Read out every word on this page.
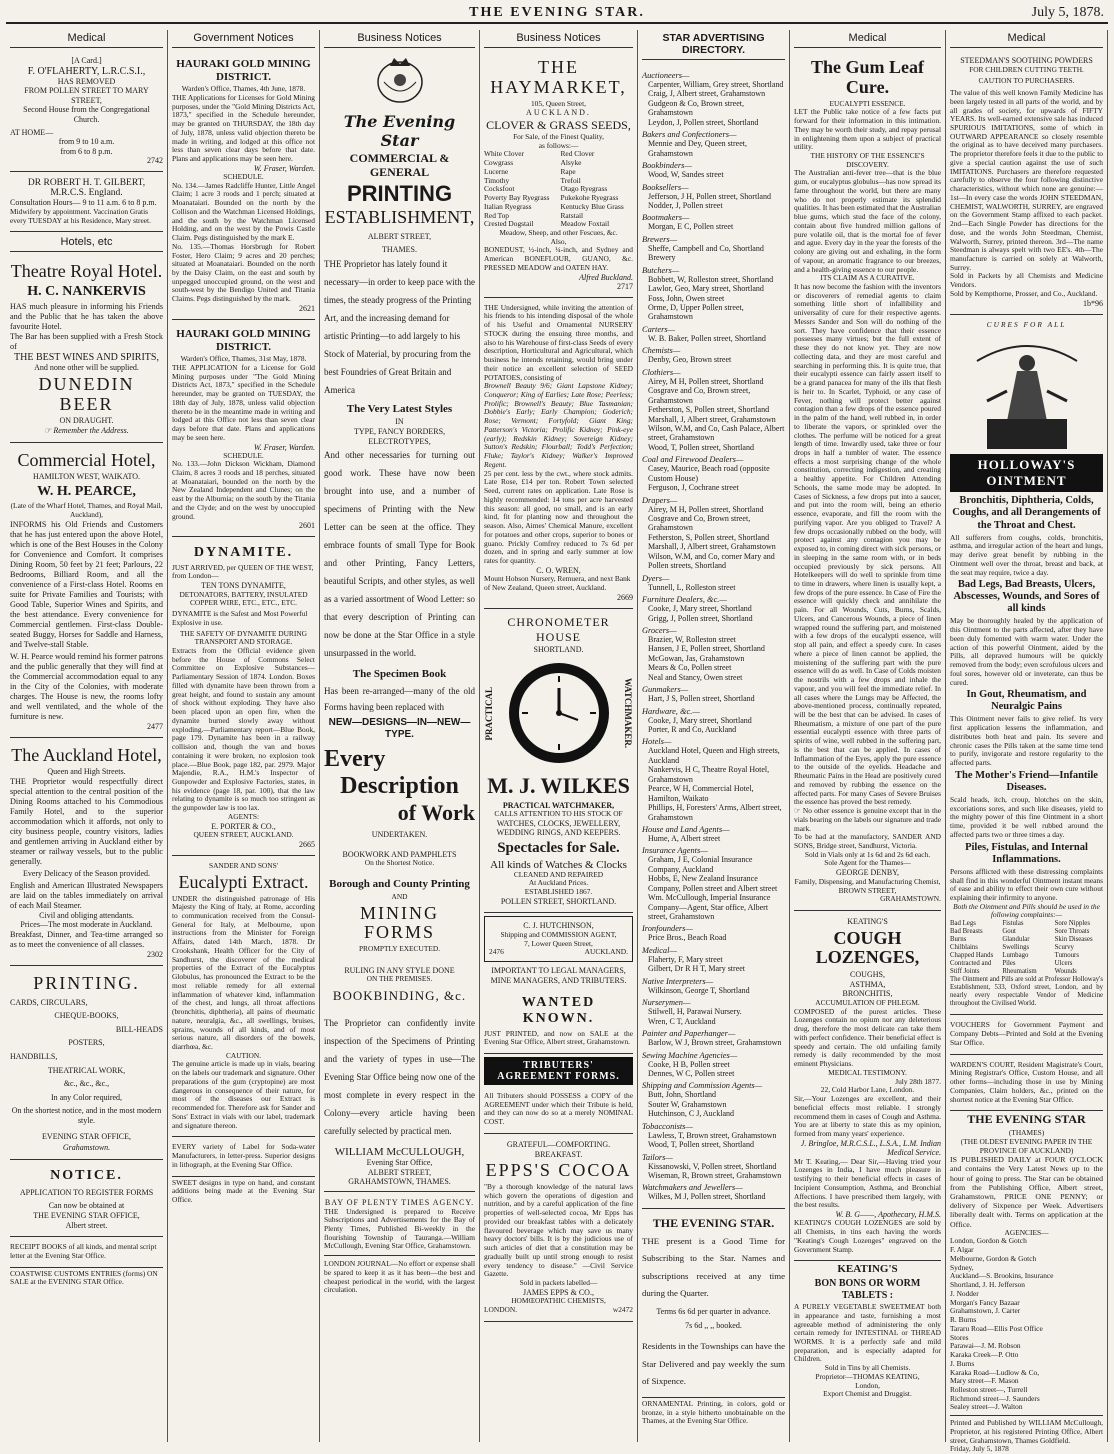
THE EVENING STAR.	July 5, 1878.
Medical
[A Card.]
F. O'FLAHERTY, L.R.C.S.I.,
HAS REMOVED
FROM POLLEN STREET TO MARY STREET,
Second House from the Congregational Church.
AT HOME—
from 9 to 10 a.m.
from 6 to 8 p.m.
2742
DR ROBERT H. T. GILBERT, M.R.C.S. England.
Consultation Hours— 9 to 11 a.m. 6 to 8 p.m.
Midwifery by appointment. Vaccination Gratis every TUESDAY at his Residence, Mary street.
Hotels, etc
Theatre Royal Hotel.
H. C. NANKERVIS
HAS much pleasure in informing his Friends and the Public that he has taken the above favourite Hotel.
The Bar has been supplied with a Fresh Stock of
THE BEST WINES AND SPIRITS,
And none other will be supplied.
DUNEDIN BEER
ON DRAUGHT.
☞ Remember the Address.
Commercial Hotel,
HAMILTON WEST, WAIKATO.
W. H. PEARCE,
(Late of the Wharf Hotel, Thames, and Royal Mail, Auckland),
INFORMS his Old Friends and Customers that he has just entered upon the above Hotel, which is one of the Best Houses in the Colony for Convenience and Comfort. It comprises Dining Room, 50 feet by 21 feet; Parlours, 22 Bedrooms, Billiard Room, and all the convenience of a First-class Hotel. Rooms en suite for Private Families and Tourists; with Good Table, Superior Wines and Spirits, and the best attendance. Every convenience for Commercial gentlemen. First-class Double-seated Buggy, Horses for Saddle and Harness, and Twelve-stall Stable.
W. H. Pearce would remind his former patrons and the public generally that they will find at the Commercial accommodation equal to any in the City of the Colonies, with moderate charges. The House is new, the rooms lofty and well ventilated, and the whole of the furniture is new.
2477
The Auckland Hotel,
Queen and High Streets.
THE Proprietor would respectfully direct special attention to the central position of the Dining Rooms attached to his Commodious Family Hotel, and to the superior accommodation which it affords, not only to city business people, country visitors, ladies and gentlemen arriving in Auckland either by steamer or railway vessels, but to the public generally.
Every Delicacy of the Season provided.
English and American Illustrated Newspapers are laid on the tables immediately on arrival of each Mail Steamer.
Civil and obliging attendants.
Prices—The most moderate in Auckland.
Breakfast, Dinner, and Tea-time arranged so as to meet the convenience of all classes.
2302
PRINTING.
CARDS, CIRCULARS,
CHEQUE-BOOKS,
BILL-HEADS
POSTERS,
HANDBILLS,
THEATRICAL WORK,
&c., &c., &c.,
In any Color required,
On the shortest notice, and in the most modern style.
EVENING STAR OFFICE,
Grahamstown.
NOTICE.
APPLICATION TO REGISTER FORMS
Can now be obtained at
THE EVENING STAR OFFICE,
Albert street.
RECEIPT BOOKS of all kinds, and mental script letter at the Evening Star Office.
COASTWISE CUSTOMS ENTRIES (forms) ON SALE at the EVENING STAR Office.
Government Notices
HAURAKI GOLD MINING DISTRICT.
Warden's Office, Thames, 4th June, 1878.
THE Applications for Licenses for Gold Mining purposes, under the "Gold Mining Districts Act, 1873," specified in the Schedule hereunder, may be granted on THURSDAY, the 18th day of July, 1878, unless valid objection thereto be made in writing, and lodged at this office not less than seven clear days before that date. Plans and applications may be seen here.
W. Fraser, Warden.
SCHEDULE.
No. 134.—James Radcliffe Hunter, Little Angel Claim; 1 acre 3 roods and 1 perch; situated at Moanataiari. Bounded on the north by the Collison and the Watchman Licensed Holdings, and the south by the Watchman Licensed Holding, and on the west by the Powis Castle Claim. Pegs distinguished by the mark E.
No. 135.—Thomas Horsbrugh for Robert Foster, Hero Claim; 9 acres and 20 perches; situated at Moanataiari. Bounded on the north by the Daisy Claim, on the east and south by unpegged unoccupied ground, on the west and south-west by the Bendigo United and Titania Claims. Pegs distinguished by the mark.
2621
HAURAKI GOLD MINING DISTRICT.
Warden's Office, Thames, 31st May, 1878.
THE APPLICATION for a License for Gold Mining purposes under "The Gold Mining Districts Act, 1873," specified in the Schedule hereunder, may be granted on TUESDAY, the 18th day of July, 1878, unless valid objection thereto be in the meantime made in writing and lodged at this Office not less than seven clear days before that date. Plans and applications may be seen here.
W. Fraser, Warden.
SCHEDULE.
No. 133.—John Dickson Wickham, Diamond Claim, 8 acres 3 roods and 18 perches, situated at Moanataiari, bounded on the north by the New Zealand Independent and Clunes; on the east by the Alburnia; on the south by the Titania and the Clyde; and on the west by unoccupied ground.
2601
DYNAMITE.
JUST ARRIVED, per QUEEN OF THE WEST, from London—
TEN TONS DYNAMITE,
DETONATORS, BATTERY, INSULATED COPPER WIRE, ETC., ETC., ETC.
DYNAMITE is the Safest and Most Powerful Explosive in use.
THE SAFETY OF DYNAMITE DURING TRANSPORT AND STORAGE.
Extracts from the Official evidence given before the House of Commons Select Committee on Explosive Substances—Parliamentary Session of 1874. London. Boxes filled with dynamite have been thrown from a great height, and found to sustain any amount of shock without exploding. They have also been placed upon an open fire, when the dynamite burned slowly away without exploding.—Parliamentary report—Blue Book, page 179. Dynamite has been in a railway collision and, though the van and boxes containing it were broken, no explosion took place.—Blue Book, page 182, par. 2979. Major Majendie, R.A., H.M.'s Inspector of Gunpowder and Explosive Factories, states, in his evidence (page 18, par. 100), that the law relating to dynamite is so much too stringent as the gunpowder law is too lax.
AGENTS:
E. PORTER & CO.,
QUEEN STREET, AUCKLAND.
2665
SANDER AND SONS'
Eucalypti Extract.
UNDER the distinguished patronage of His Majesty the King of Italy, at Rome, according to communication received from the Consul-General for Italy, at Melbourne, upon instructions from the Minister for Foreign Affairs, dated 14th March, 1878. Dr Crookshank, Health Officer for the City of Sandhurst, the discoverer of the medical properties of the Extract of the Eucalyptus Globulus, has pronounced the Extract to be the most reliable remedy for all external inflammation of whatever kind, inflammation of the chest, and lungs, all throat affections (bronchitis, diphtheria), all pains of rheumatic nature, neuralgia, &c., all swellings, bruises, sprains, wounds of all kinds, and of most serious nature, all disorders of the bowels, diarrhœa, &c.
CAUTION.
The genuine article is made up in vials, bearing on the labels our trademark and signature. Other preparations of the gum (cryptopine) are most dangerous in consequence of their nature, for most of the diseases our Extract is recommended for. Therefore ask for Sander and Sons' Extract in vials with our label, trademark and signature thereon.
EVERY variety of Label for Soda-water Manufacturers, in letter-press. Superior designs in lithograph, at the Evening Star Office.
SWEET designs in type on hand, and constant additions being made at the Evening Star Office.
Business Notices
The Evening Star
COMMERCIAL & GENERAL
PRINTING
ESTABLISHMENT,
ALBERT STREET,
THAMES.
THE Proprietor has lately found it necessary—in order to keep pace with the times, the steady progress of the Printing Art, and the increasing demand for artistic Printing—to add largely to his Stock of Material, by procuring from the best Foundries of Great Britain and America
The Very Latest Styles
IN
TYPE, FANCY BORDERS,
ELECTROTYPES,
And other necessaries for turning out good work. These have now been brought into use, and a number of specimens of Printing with the New Letter can be seen at the office. They embrace founts of small Type for Book and other Printing, Fancy Letters, beautiful Scripts, and other styles, as well as a varied assortment of Wood Letter: so that every description of Printing can now be done at the Star Office in a style unsurpassed in the world.
The Specimen Book
Has been re-arranged—many of the old Forms having been replaced with
NEW—DESIGNS—IN—NEW—TYPE.
Every
Description
of Work
UNDERTAKEN.
BOOKWORK AND PAMPHLETS
On the Shortest Notice.
Borough and County Printing
AND
MINING FORMS
PROMPTLY EXECUTED.
RULING IN ANY STYLE DONE
ON THE PREMISES.
BOOKBINDING, &c.
The Proprietor can confidently invite inspection of the Specimens of Printing and the variety of types in use—The Evening Star Office being now one of the most complete in every respect in the Colony—every article having been carefully selected by practical men.
WILLIAM McCULLOUGH,
Evening Star Office,
ALBERT STREET,
GRAHAMSTOWN, THAMES.
BAY OF PLENTY TIMES AGENCY.
THE Undersigned is prepared to Receive Subscriptions and Advertisements for the Bay of Plenty Times, Published Bi-weekly in the flourishing Township of Tauranga.—William McCullough, Evening Star Office, Grahamstown.
LONDON JOURNAL—No effort or expense shall be spared to keep it as it has been—the best and cheapest periodical in the world, with the largest circulation.
Business Notices
THE HAYMARKET,
105, Queen Street,
AUCKLAND.
CLOVER & GRASS SEEDS,
For Sale, of the Finest Quality,
as follows:—
White Clover
Cowgrass
Lucerne
Timothy
Cocksfoot
Poverty Bay Ryegrass
Italian Ryegrass
Red Top
Crested Dogstail
Red Clover
Alsyke
Rape
Trefoil
Otago Ryegrass
Pukekohe Ryegrass
Kentucky Blue Grass
Ratstail
Meadow Foxtail
Meadow, Sheep, and other Fescues, &c.
Also,
BONEDUST, ½-inch, ¼-inch, and Sydney and American BONEFLOUR, GUANO, &c. PRESSED MEADOW and OATEN HAY.
Alfred Buckland.
2717
THE Undersigned, while inviting the attention of his friends to his intending disposal of the whole of his Useful and Ornamental NURSERY STOCK during the ensuing three months, and also to his Warehouse of first-class Seeds of every description, Horticultural and Agricultural, which business he intends retaining, would bring under their notice an excellent selection of SEED POTATOES, consisting of
Brownell Beauty 9/6; Giant Lapstone Kidney; Conqueror; King of Earlies; Late Rose; Peerless; Prolific; Brownell's Beauty; Blue Tasmanian; Dobbie's Early; Early Champion; Goderich; Rose; Vermont; Fortyfold; Giant King; Patterson's Victoria; Prolific Kidney; Pink-eye (early); Redskin Kidney; Sovereign Kidney; Sutton's Redskin; Flourball; Todd's Perfection; Fluke; Taylor's Kidney; Walker's Improved Regent.
25 per cent. less by the cwt., where stock admits. Late Rose, £14 per ton. Robert Town selected Seed, current rates on application. Late Rose is highly recommended: 14 tons per acre harvested this season: all good, no small, and is an early kind, fit for planting now and throughout the season. Also, Aimes' Chemical Manure, excellent for potatoes and other crops, superior to bones or guano. Prickly Comfrey reduced to 7s 6d per dozen, and in spring and early summer at low rates for quantity.
C. O. WREN,
Mount Hobson Nursery, Remuera, and next Bank of New Zealand, Queen street, Auckland.
2669
CHRONOMETER HOUSE
SHORTLAND.
PRACTICAL	WATCHMAKER.
M. J. WILKES
PRACTICAL WATCHMAKER,
CALLS ATTENTION TO HIS STOCK OF
WATCHES, CLOCKS, JEWELLERY, WEDDING RINGS, AND KEEPERS.
Spectacles for Sale.
All kinds of Watches & Clocks
CLEANED AND REPAIRED
At Auckland Prices.
ESTABLISHED 1867.
POLLEN STREET, SHORTLAND.
C. J. HUTCHINSON,
Shipping and COMMISSION AGENT,
7, Lower Queen Street,
2476	AUCKLAND.
IMPORTANT TO LEGAL MANAGERS, MINE MANAGERS, AND TRIBUTERS.
WANTED KNOWN.
JUST PRINTED, and now on SALE at the Evening Star Office, Albert street, Grahamstown.
TRIBUTERS' AGREEMENT FORMS.
All Tributers should POSSESS a COPY of the AGREEMENT under which their Tribute is held, and they can now do so at a merely NOMINAL COST.
GRATEFUL—COMFORTING.
BREAKFAST.
EPPS'S COCOA
"By a thorough knowledge of the natural laws which govern the operations of digestion and nutrition, and by a careful application of the fine properties of well-selected cocoa, Mr Epps has provided our breakfast tables with a delicately flavoured beverage which may save us many heavy doctors' bills. It is by the judicious use of such articles of diet that a constitution may be gradually built up until strong enough to resist every tendency to disease." —Civil Service Gazette.
Sold in packets labelled—
JAMES EPPS & CO.,
HOMŒOPATHIC CHEMISTS,
LONDON.	w2472
STAR ADVERTISING DIRECTORY.
Auctioneers—
Carpenter, William, Grey street, Shortland
Craig, J, Albert street, Grahamstown
Gudgeon & Co, Brown street, Grahamstown
Leydon, J, Pollen street, Shortland
Bakers and Confectioners—
Mennie and Dey, Queen street, Grahamstown
Bookbinders—
Wood, W, Sandes street
Booksellers—
Jefferson, J H, Pollen street, Shortland
Nodder, J, Pollen street
Bootmakers—
Morgan, E C, Pollen street
Brewers—
Sheffe, Campbell and Co, Shortland Brewery
Butchers—
Bobbett, W, Rolleston street, Shortland
Lawlor, Geo, Mary street, Shortland
Foss, John, Owen street
Orme, D, Upper Pollen street, Grahamstown
Carters—
W. B. Baker, Pollen street, Shortland
Chemists—
Denby, Geo, Brown street
Clothiers—
Airey, M H, Pollen street, Shortland
Cosgrave and Co, Brown street, Grahamstown
Fetherston, S, Pollen street, Shortland
Marshall, J, Albert street, Grahamstown
Wilson, W.M, and Co, Cash Palace, Albert street, Grahamstown
Wood, T, Pollen street, Shortland
Coal and Firewood Dealers—
Casey, Maurice, Beach road (opposite Custom House)
Ferguson, J, Cochrane street
Drapers—
Airey, M H, Pollen street, Shortland
Cosgrave and Co, Brown street, Grahamstown
Fetherston, S, Pollen street, Shortland
Marshall, J, Albert street, Grahamstown
Wilson, W.M, and Co, corner Mary and Pollen streets, Shortland
Dyers—
Tunnell, L, Rolleston street
Furniture Dealers, &c.—
Cooke, J, Mary street, Shortland
Grigg, J, Pollen street, Shortland
Grocers—
Brazier, W, Rolleston street
Hansen, J E, Pollen street, Shortland
McGowan, Jas, Grahamstown
Mears & Co, Pollen street
Neal and Stancy, Owen street
Gunmakers—
Hart, J S, Pollen street, Shortland
Hardware, &c.—
Cooke, J, Mary street, Shortland
Porter, R and Co, Auckland
Hotels—
Auckland Hotel, Queen and High streets, Auckland
Nankervis, H C, Theatre Royal Hotel, Grahamstown
Pearce, W H, Commercial Hotel, Hamilton, Waikato
Phillips, H, Foresters' Arms, Albert street, Grahamstown
House and Land Agents—
Hume, A, Albert street
Insurance Agents—
Graham, J E, Colonial Insurance Company, Auckland
Hobbs, E, New Zealand Insurance Company, Pollen street and Albert street
Wm. McCullough, Imperial Insurance Company—Agent, Star office, Albert street, Grahamstown
Ironfounders—
Price Bros., Beach Road
Medical—
Flaherty, F, Mary street
Gilbert, Dr R H T, Mary street
Native Interpreters—
Wilkinson, George T, Shortland
Nurserymen—
Stilwell, H, Parawai Nursery.
Wren, C T, Auckland
Painter and Paperhanger—
Barlow, W J, Brown street, Grahamstown
Sewing Machine Agencies—
Cooke, H B, Pollen street
Dennes, W C, Pollen street
Shipping and Commission Agents—
Butt, John, Shortland
Souter W, Grahamstown
Hutchinson, C J, Auckland
Tobacconists—
Lawless, T, Brown street, Grahamstown
Wood, T, Pollen street, Shortland
Tailors—
Kissanowski, V, Pollen street, Shortland
Wiseman, R, Brown street, Grahamstown
Watchmakers and Jewellers—
Wilkes, M J, Pollen street, Shortland
THE EVENING STAR.
THE present is a Good Time for Subscribing to the Star. Names and subscriptions received at any time during the Quarter.
Terms 6s 6d per quarter in advance.
7s 6d ,, ,, booked.
Residents in the Townships can have the Star Delivered and pay weekly the sum of Sixpence.
ORNAMENTAL Printing, in colors, gold or bronze, in a style hitherto unobtainable on the Thames, at the Evening Star Office.
Medical
The Gum Leaf Cure.
EUCALYPTI ESSENCE.
LET the Public take notice of a few facts put forward for their information in this intimation. They may be worth their study, and repay perusal in enlightening them upon a subject of practical utility.
THE HISTORY OF THE ESSENCE'S DISCOVERY.
The Australian anti-fever tree—that is the blue gum, or eucalyptus globulus—has now spread its fame throughout the world, but there are many who do not properly estimate its splendid qualities. It has been estimated that the Australian blue gums, which stud the face of the colony, contain about five hundred million gallons of pure volatile oil, that is the mortal foe of fever and ague. Every day in the year the forests of the colony are giving out and exhaling, in the form of vapour, an aromatic fragrance to our breezes, and a health-giving essence to our people.
ITS CLAIM AS A CURATIVE.
It has now become the fashion with the inventors or discoverers of remedial agents to claim something little short of infallibility and universality of cure for their respective agents. Messrs Sander and Son will do nothing of the sort. They have confidence that their essence possesses many virtues; but the full extent of these they do not know yet. They are now collecting data, and they are most careful and searching in performing this. It is quite true, that their eucalypti essence can fairly assert itself to be a grand panacea for many of the ills that flesh is heir to. In Scarlet, Typhoid, or any case of Fever, nothing will protect better against contagion than a few drops of the essence poured in the palm of the hand, well rubbed in, in order to liberate the vapors, or sprinkled over the clothes. The perfume will be noticed for a great length of time. Inwardly used, take three or four drops in half a tumbler of water. The essence effects a most surprising change of the whole constitution, correcting indigestion, and creating a healthy appetite. For Children Attending Schools, the same mode may be adopted. In Cases of Sickness, a few drops put into a saucer, and put into the room will, being an etherio essence, evaporate, and fill the room with the purifying vapor. Are you obliged to Travel? A few drops occasionally rubbed on the body, will protect against any contagion you may be exposed to, in coming direct with sick persons, or in sleeping in the same room with, or in beds occupied previously by sick persons. All Hotelkeepers will do well to sprinkle from time to time in drawers, where linen is usually kept, a few drops of the pure essence. In Case of Fire the essence will quickly check and annihilate the pain. For all Wounds, Cuts, Burns, Scalds, Ulcers, and Cancerous Wounds, a piece of linen wrapped round the suffering part, and moistened with a few drops of the eucalypti essence, will stop all pain, and effect a speedy cure. In cases where a piece of linen cannot be applied, the moistening of the suffering part with the pure essence will do as well. In Case of Colds moisten the nostrils with a few drops and inhale the vapour, and you will feel the immediate relief. In all cases where the Lungs may be Affected, the above-mentioned process, continually repeated, will be the best that can be advised. In cases of Rheumatism, a mixture of one part of the pure essential eucalypti essence with three parts of spirits of wine, well rubbed in the suffering part, is the best that can be applied. In cases of Inflammation of the Eyes, apply the pure essence to the outside of the eyelids. Headache and Rheumatic Pains in the Head are positively cured and removed by rubbing the essence on the affected parts. For many Cases of Severe Bruises the essence has proved the best remedy.
☞ No other essence is genuine except that in the vials bearing on the labels our signature and trade mark.
To be had at the manufactory, SANDER AND SONS, Bridge street, Sandhurst, Victoria.
Sold in Vials only at 1s 6d and 2s 6d each.
Sole Agent for the Thames—
GEORGE DENBY,
Family, Dispensing, and Manufacturing Chemist,
BROWN STREET,
GRAHAMSTOWN.
KEATING'S
COUGH LOZENGES,
COUGHS,
ASTHMA,
BRONCHITIS,
ACCUMULATION OF PHLEGM.
COMPOSED of the purest articles. These Lozenges contain no opium nor any deleterious drug, therefore the most delicate can take them with perfect confidence. Their beneficial effect is speedy and certain. The old unfailing family remedy is daily recommended by the most eminent Physicians.
MEDICAL TESTIMONY.
July 28th 1877.
22, Cold Harbor Lane, London.
Sir,—Your Lozenges are excellent, and their beneficial effects most reliable. I strongly recommend them in cases of Cough and Asthma. You are at liberty to state this as my opinion, formed from many years' experience.
J. Bringloe, M.R.C.S.L., L.S.A., L.M. Indian Medical Service.
Mr T. Keating,— Dear Sir,—Having tried your Lozenges in India, I have much pleasure in testifying to their beneficial effects in cases of Incipient Consumption, Asthma, and Bronchial Affections. I have prescribed them largely, with the best results.
W. B. G——, Apothecary, H.M.S.
KEATING'S COUGH LOZENGES are sold by all Chemists, in tins each having the words "Keating's Cough Lozenges" engraved on the Government Stamp.
KEATING'S
BON BONS OR WORM TABLETS :
A PURELY VEGETABLE SWEETMEAT both in appearance and taste, furnishing a most agreeable method of administering the only certain remedy for INTESTINAL or THREAD WORMS. It is a perfectly safe and mild preparation, and is especially adapted for Children.
Sold in Tins by all Chemists.
Proprietor—THOMAS KEATING,
London,
Export Chemist and Druggist.
Medical
STEEDMAN'S SOOTHING POWDERS
FOR CHILDREN CUTTING TEETH.
CAUTION TO PURCHASERS.
The value of this well known Family Medicine has been largely tested in all parts of the world, and by all grades of society, for upwards of FIFTY YEARS. Its well-earned extensive sale has induced SPURIOUS IMITATIONS, some of which in OUTWARD APPEARANCE so closely resemble the original as to have deceived many purchasers. The proprietor therefore feels it due to the public to give a special caution against the use of such IMITATIONS. Purchasers are therefore requested carefully to observe the four following distinctive characteristics, without which none are genuine:— 1st—In every case the words JOHN STEEDMAN, CHEMIST, WALWORTH, SURREY, are engraved on the Government Stamp affixed to each packet. 2nd—Each Single Powder has directions for the dose, and the words John Steedman, Chemist, Walworth, Surrey, printed thereon. 3rd—The name Steedman is always spelt with two EE's. 4th—The manufacture is carried on solely at Walworth, Surrey.
Sold in Packets by all Chemists and Medicine Vendors.
Sold by Kempthorne, Prosser, and Co., Auckland.
1b*96
CURES FOR ALL
HOLLOWAY'S OINTMENT
Bronchitis, Diphtheria, Colds, Coughs, and all Derangements of the Throat and Chest.
All sufferers from coughs, colds, bronchitis, asthma, and irregular action of the heart and lungs, may derive great benefit by rubbing in the Ointment well over the throat, breast and back, at the seat may require, twice a day.
Bad Legs, Bad Breasts, Ulcers, Abscesses, Wounds, and Sores of all kinds
May be thoroughly healed by the application of this Ointment to the parts affected, after they have been duly fomented with warm water. Under the action of this powerful Ointment, aided by the Pills, all depraved humours will be quickly removed from the body; even scrofulous ulcers and foul sores, however old or inveterate, can thus be cured.
In Gout, Rheumatism, and Neuralgic Pains
This Ointment never fails to give relief. Its very first application lessens the inflammation, and distributes both heat and pain. Its severe and chronic cases the Pills taken at the same time tend to purify, invigorate and restore regularity to the affected parts.
The Mother's Friend—Infantile Diseases.
Scald heads, itch, croup, blotches on the skin, excoriations sores, and such like diseases, yield to the mighty power of this fine Ointment in a short time, provided it be well rubbed around the affected parts two or three times a day.
Piles, Fistulas, and Internal Inflammations.
Persons afflicted with these distressing complaints shall find in this wonderful Ointment instant means of ease and ability to effect their own cure without explaining their infirmity to anyone.
Both the Ointment and Pills should be used in the following complaints:—
Bad Legs
Bad Breasts
Burns
Chilblains
Chapped Hands
Contracted and Stiff Joints
Fistulas
Gout
Glandular Swellings
Lumbago
Piles
Rheumatism
Sore Nipples
Sore Throats
Skin Diseases
Scurvy
Tumours
Ulcers
Wounds
The Ointment and Pills are sold at Professor Holloway's Establishment, 533, Oxford street, London, and by nearly every respectable Vendor of Medicine throughout the Civilised World.
VOUCHERS for Government Payment and Company Debts—Printed and Sold at the Evening Star Office.
WARDEN'S COURT, Resident Magistrate's Court, Mining Registrar's Office, Custom House, and all other forms—including those in use by Mining Companies, Claim holders, &c., printed on the shortest notice at the Evening Star Office.
THE EVENING STAR
(THAMES)
(THE OLDEST EVENING PAPER IN THE PROVINCE OF AUCKLAND)
IS PUBLISHED DAILY at FOUR O'CLOCK and contains the Very Latest News up to the hour of going to press. The Star can be obtained from the Publishing Office, Albert street, Grahamstown, PRICE ONE PENNY; or delivery of Sixpence per Week. Advertisers liberally dealt with. Terms on application at the Office.
AGENCIES—
London, Gordon & Gotch
F. Algar
Melbourne, Gordon & Gotch
Sydney,
Auckland—S. Brookins, Insurance
Shortland, J. H. Jefferson
J. Nodder
Morgan's Fancy Bazaar
Grahamstown, J. Carter
R. Burns
Tararu Road—Ellis Post Office
Stores
Parawai—J. M. Robson
Karaka Creek—P. Otto
J. Burns
Karaka Road—Ludlow & Co,
Mary street—F. Mason
Rolleston street—, Turrell
Richmond street—J. Saunders
Sealey street—J. Walton
Printed and Published by WILLIAM McCullough, Proprietor, at his registered Printing Office, Albert street, Grahamstown, Thames Goldfield.
Friday, July 5, 1878
